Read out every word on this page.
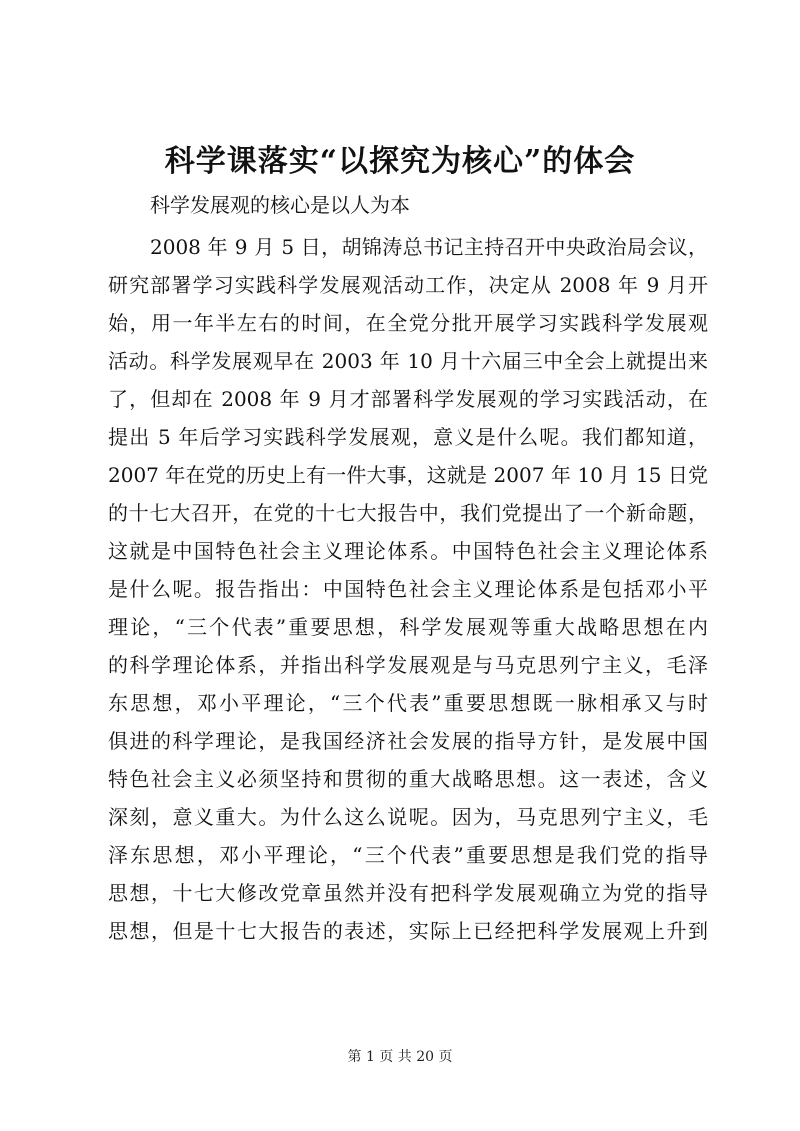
科学课落实“以探究为核心”的体会

科学发展观的核心是以人为本

2008 年 9 月 5 日，胡锦涛总书记主持召开中央政治局会议，
研究部署学习实践科学发展观活动工作，决定从 2008 年 9 月开
始，用一年半左右的时间，在全党分批开展学习实践科学发展观
活动。科学发展观早在 2003 年 10 月十六届三中全会上就提出来
了，但却在 2008 年 9 月才部署科学发展观的学习实践活动，在
提出 5 年后学习实践科学发展观，意义是什么呢。我们都知道，
2007 年在党的历史上有一件大事，这就是 2007 年 10 月 15 日党
的十七大召开，在党的十七大报告中，我们党提出了一个新命题，
这就是中国特色社会主义理论体系。中国特色社会主义理论体系
是什么呢。报告指出：中国特色社会主义理论体系是包括邓小平
理论，“三个代表”重要思想，科学发展观等重大战略思想在内
的科学理论体系，并指出科学发展观是与马克思列宁主义，毛泽
东思想，邓小平理论，“三个代表”重要思想既一脉相承又与时
俱进的科学理论，是我国经济社会发展的指导方针，是发展中国
特色社会主义必须坚持和贯彻的重大战略思想。这一表述，含义
深刻，意义重大。为什么这么说呢。因为，马克思列宁主义，毛
泽东思想，邓小平理论，“三个代表”重要思想是我们党的指导
思想，十七大修改党章虽然并没有把科学发展观确立为党的指导
思想，但是十七大报告的表述，实际上已经把科学发展观上升到
第 1 页 共 20 页
